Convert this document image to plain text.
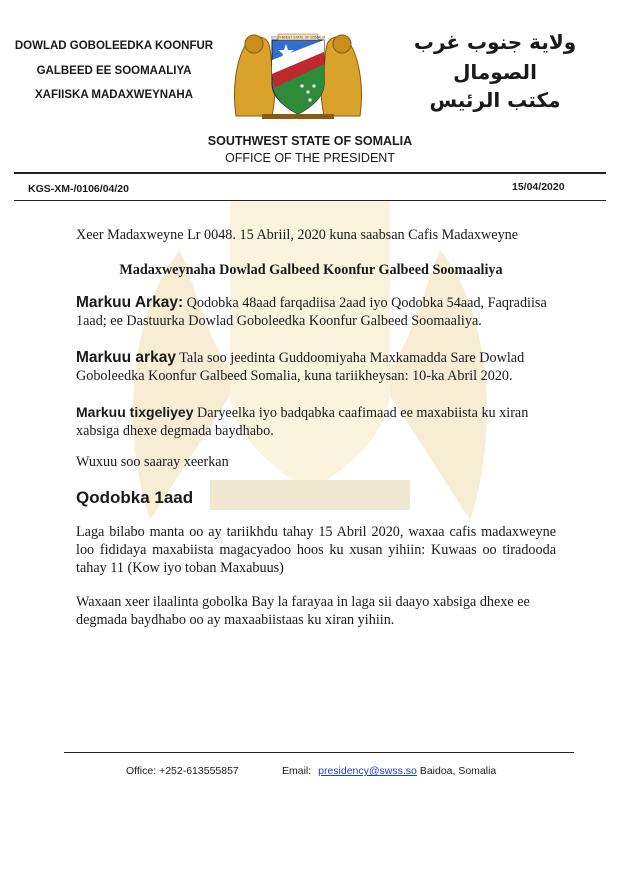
DOWLAD GOBOLEEDKA KOONFUR
GALBEED EE SOOMAALIYA
XAFIISKA MADAXWEYNAHA
SOUTHWEST STATE OF SOMALIA	ولاية جنوب غرب
الصومال
مكتب الرئيس
SOUTHWEST STATE OF SOMALIA
OFFICE OF THE PRESIDENT
KGS-XM-/0106/04/20	15/04/2020
Xeer Madaxweyne Lr 0048. 15 Abriil, 2020 kuna saabsan Cafis Madaxweyne
Madaxweynaha Dowlad Galbeed Koonfur Galbeed Soomaaliya
Markuu Arkay: Qodobka 48aad farqadiisa 2aad iyo Qodobka 54aad, Faqradiisa 1aad; ee Dastuurka Dowlad Goboleedka Koonfur Galbeed Soomaaliya.
Markuu arkay Tala soo jeedinta Guddoomiyaha Maxkamadda Sare Dowlad Goboleedka Koonfur Galbeed Somalia, kuna tariikheysan: 10-ka Abril 2020.
Markuu tixgeliyey Daryeelka iyo badqabka caafimaad ee maxabiista ku xiran xabsiga dhexe degmada baydhabo.
Wuxuu soo saaray xeerkan
Qodobka 1aad
Laga bilabo manta oo ay tariikhdu tahay 15 Abril 2020, waxaa cafis madaxweyne loo fididaya maxabiista magacyadoo hoos ku xusan yihiin: Kuwaas oo tiradooda tahay 11 (Kow iyo toban Maxabuus)
Waxaan xeer ilaalinta gobolka Bay la farayaa in laga sii daayo xabsiga dhexe ee degmada baydhabo oo ay maxaabiistaas ku xiran yihiin.
Office: +252-613555857	Email: presidency@swss.so Baidoa, Somalia
